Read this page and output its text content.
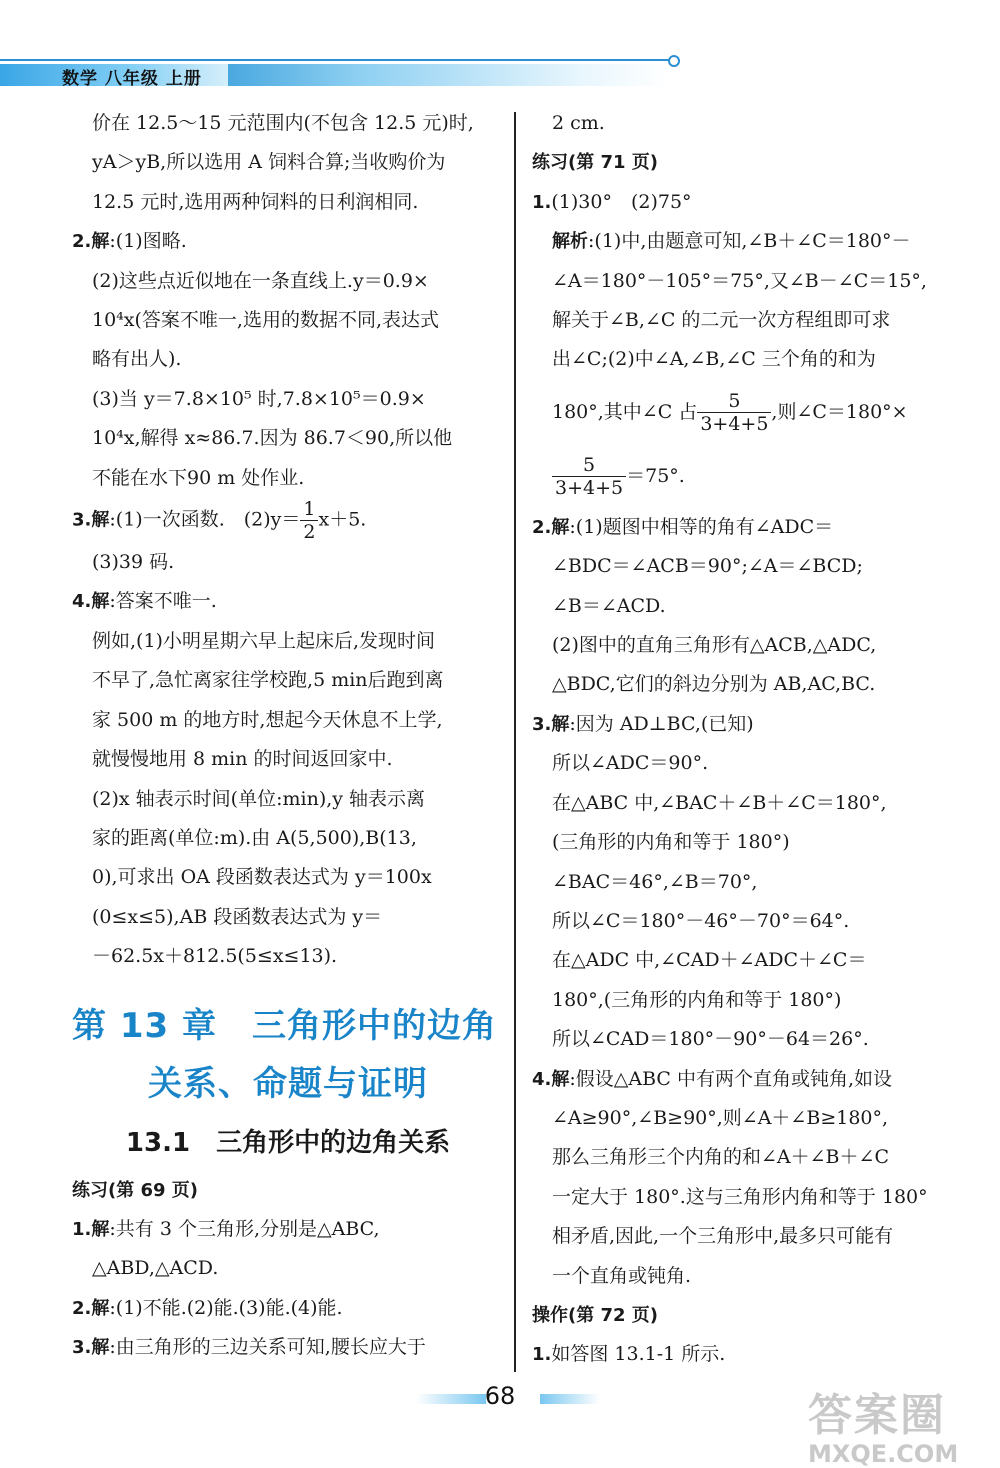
数学 八年级 上册
价在 12.5～15 元范围内(不包含 12.5 元)时,
yA＞yB,所以选用 A 饲料合算;当收购价为
12.5 元时,选用两种饲料的日利润相同.
2.解:(1)图略.
(2)这些点近似地在一条直线上.y＝0.9×
10⁴x(答案不唯一,选用的数据不同,表达式
略有出人).
(3)当 y＝7.8×10⁵ 时,7.8×10⁵＝0.9×
10⁴x,解得 x≈86.7.因为 86.7＜90,所以他
不能在水下90 m 处作业.
3.解:(1)一次函数.　$(2)y= \frac{1}{2} x+5$.
(3)39 码.
4.解:答案不唯一.
例如,(1)小明星期六早上起床后,发现时间
不早了,急忙离家往学校跑,5 min后跑到离
家 500 m 的地方时,想起今天休息不上学,
就慢慢地用 8 min 的时间返回家中.
(2)x 轴表示时间(单位:min),y 轴表示离
家的距离(单位:m).由 A(5,500),B(13,
0),可求出 OA 段函数表达式为 y＝100x
(0≤x≤5),AB 段函数表达式为 y＝
－62.5x＋812.5(5≤x≤13).
第 13 章　三角形中的边角
关系、命题与证明
13.1　三角形中的边角关系
练习(第 69 页)
1.解:共有 3 个三角形,分别是△ABC,
△ABD,△ACD.
2.解:(1)不能.(2)能.(3)能.(4)能.
3.解:由三角形的三边关系可知,腰长应大于
2 cm.
练习(第 71 页)
1.(1)30°　(2)75°
解析:(1)中,由题意可知,∠B＋∠C＝180°－
∠A＝180°－105°＝75°,又∠B－∠C＝15°,
解关于∠B,∠C 的二元一次方程组即可求
出∠C;(2)中∠A,∠B,∠C 三个角的和为
180°,其中∠C 占 $\frac{5}{3+4+5}$ ,则∠C＝180°×
$\frac{5}{3+4+5} =75^\circ$.
2.解:(1)题图中相等的角有∠ADC＝
∠BDC＝∠ACB＝90°;∠A＝∠BCD;
∠B＝∠ACD.
(2)图中的直角三角形有△ACB,△ADC,
△BDC,它们的斜边分别为 AB,AC,BC.
3.解:因为 AD⊥BC,(已知)
所以∠ADC＝90°.
在△ABC 中,∠BAC＋∠B＋∠C＝180°,
(三角形的内角和等于 180°)
∠BAC＝46°,∠B＝70°,
所以∠C＝180°－46°－70°＝64°.
在△ADC 中,∠CAD＋∠ADC＋∠C＝
180°,(三角形的内角和等于 180°)
所以∠CAD＝180°－90°－64＝26°.
4.解:假设△ABC 中有两个直角或钝角,如设
∠A≥90°,∠B≥90°,则∠A＋∠B≥180°,
那么三角形三个内角的和∠A＋∠B＋∠C
一定大于 180°.这与三角形内角和等于 180°
相矛盾,因此,一个三角形中,最多只可能有
一个直角或钝角.
操作(第 72 页)
1.如答图 13.1-1 所示.
68	答案圈
MXQE.COM
